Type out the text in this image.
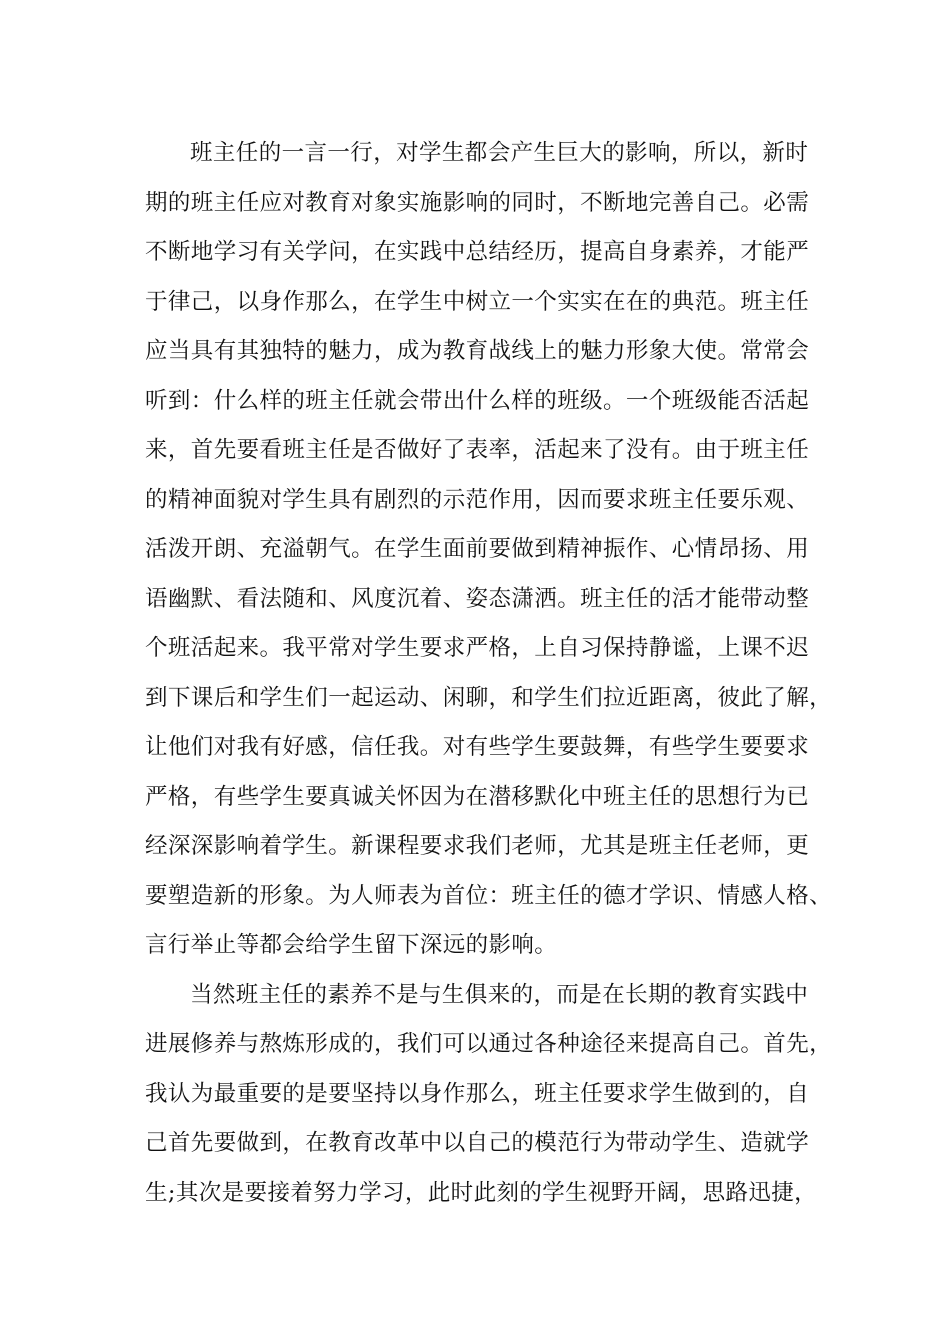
班主任的一言一行，对学生都会产生巨大的影响，所以，新时
期的班主任应对教育对象实施影响的同时，不断地完善自己。必需
不断地学习有关学问，在实践中总结经历，提高自身素养，才能严
于律己，以身作那么，在学生中树立一个实实在在的典范。班主任
应当具有其独特的魅力，成为教育战线上的魅力形象大使。常常会
听到：什么样的班主任就会带出什么样的班级。一个班级能否活起
来，首先要看班主任是否做好了表率，活起来了没有。由于班主任
的精神面貌对学生具有剧烈的示范作用，因而要求班主任要乐观、
活泼开朗、充溢朝气。在学生面前要做到精神振作、心情昂扬、用
语幽默、看法随和、风度沉着、姿态潇洒。班主任的活才能带动整
个班活起来。我平常对学生要求严格，上自习保持静谧，上课不迟
到下课后和学生们一起运动、闲聊，和学生们拉近距离，彼此了解，
让他们对我有好感，信任我。对有些学生要鼓舞，有些学生要要求
严格，有些学生要真诚关怀因为在潜移默化中班主任的思想行为已
经深深影响着学生。新课程要求我们老师，尤其是班主任老师，更
要塑造新的形象。为人师表为首位：班主任的德才学识、情感人格、
言行举止等都会给学生留下深远的影响。
当然班主任的素养不是与生俱来的，而是在长期的教育实践中
进展修养与熬炼形成的，我们可以通过各种途径来提高自己。首先，
我认为最重要的是要坚持以身作那么，班主任要求学生做到的，自
己首先要做到，在教育改革中以自己的模范行为带动学生、造就学
生;其次是要接着努力学习，此时此刻的学生视野开阔，思路迅捷，
